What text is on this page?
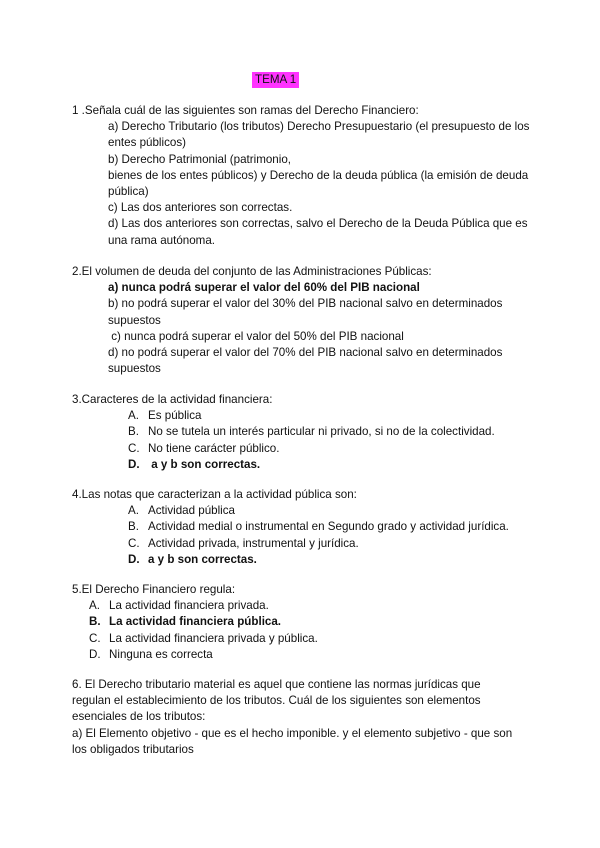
TEMA 1
1 .Señala cuál de las siguientes son ramas del Derecho Financiero:
a) Derecho Tributario (los tributos) Derecho Presupuestario (el presupuesto de los entes públicos)
b) Derecho Patrimonial (patrimonio,
bienes de los entes públicos) y Derecho de la deuda pública (la emisión de deuda pública)
c) Las dos anteriores son correctas.
d) Las dos anteriores son correctas, salvo el Derecho de la Deuda Pública que es una rama autónoma.
2.El volumen de deuda del conjunto de las Administraciones Públicas:
a) nunca podrá superar el valor del 60% del PIB nacional
b) no podrá superar el valor del 30% del PIB nacional salvo en determinados supuestos
c) nunca podrá superar el valor del 50% del PIB nacional
d) no podrá superar el valor del 70% del PIB nacional salvo en determinados supuestos
3.Caracteres de la actividad financiera:
A. Es pública
B. No se tutela un interés particular ni privado, si no de la colectividad.
C. No tiene carácter público.
D. a y b son correctas.
4.Las notas que caracterizan a la actividad pública son:
A. Actividad pública
B. Actividad medial o instrumental en Segundo grado y actividad jurídica.
C. Actividad privada, instrumental y jurídica.
D. a y b son correctas.
5.El Derecho Financiero regula:
A. La actividad financiera privada.
B. La actividad financiera pública.
C. La actividad financiera privada y pública.
D. Ninguna es correcta
6. El Derecho tributario material es aquel que contiene las normas jurídicas que regulan el establecimiento de los tributos. Cuál de los siguientes son elementos esenciales de los tributos:
a) El Elemento objetivo - que es el hecho imponible. y el elemento subjetivo - que son los obligados tributarios
